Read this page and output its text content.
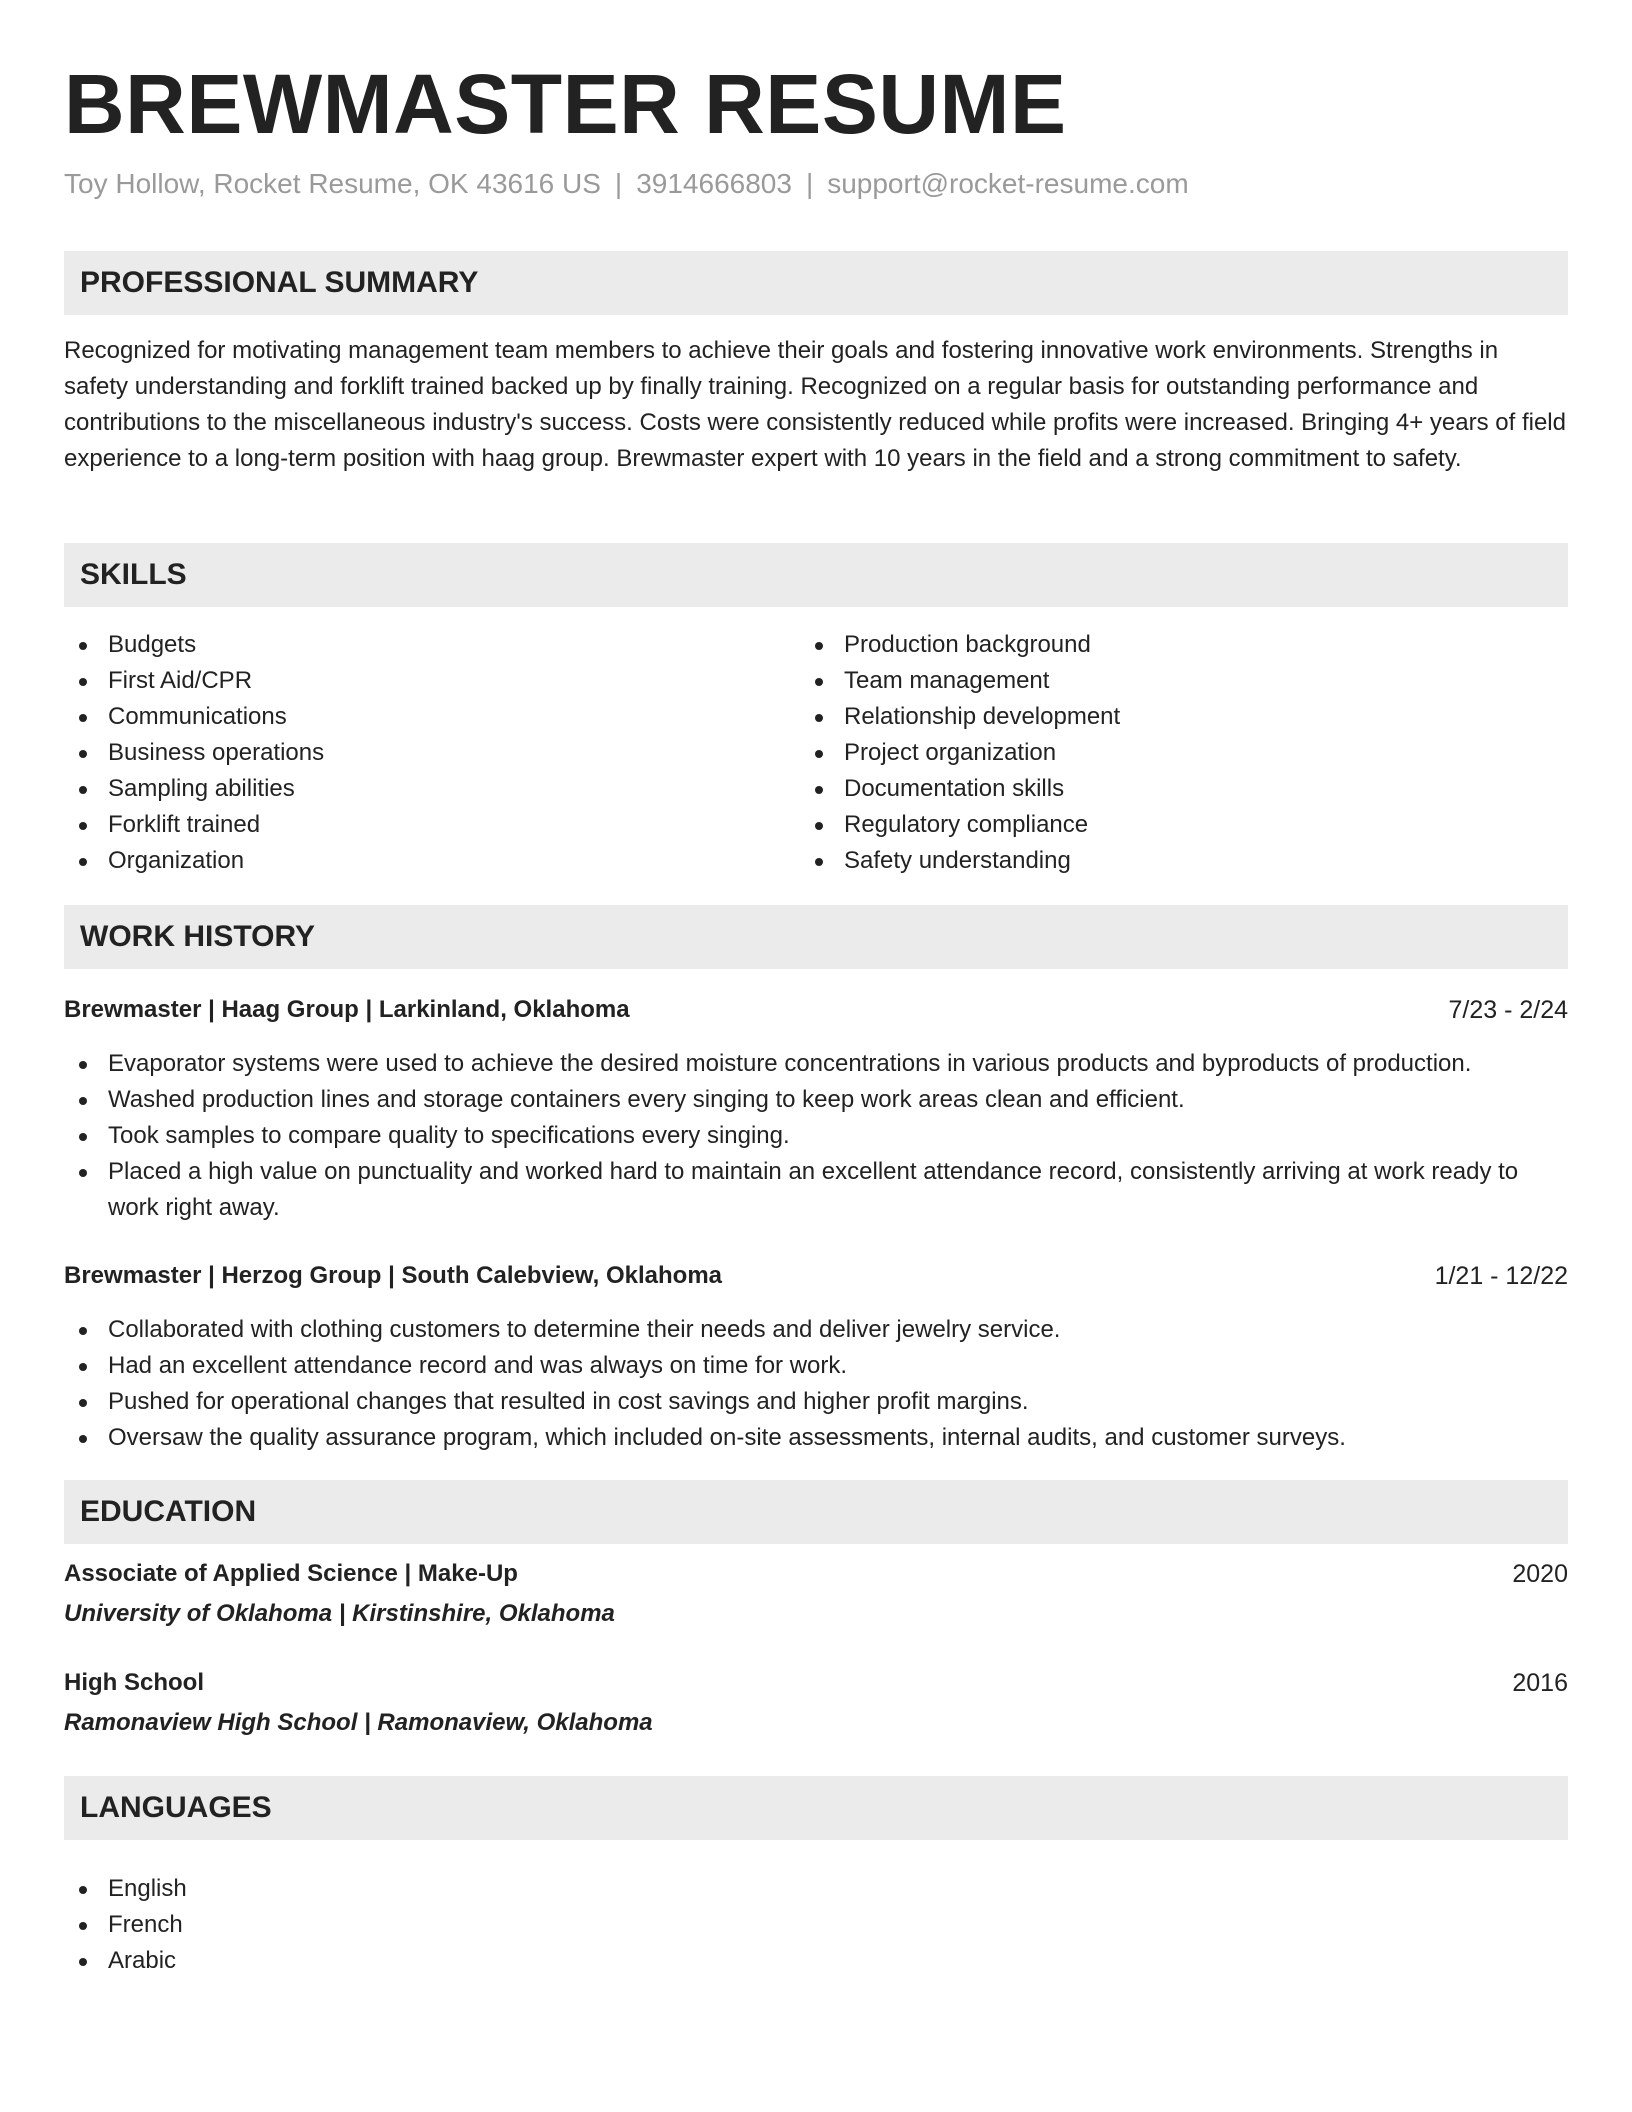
BREWMASTER RESUME
Toy Hollow, Rocket Resume, OK 43616 US | 3914666803 | support@rocket-resume.com
PROFESSIONAL SUMMARY

Recognized for motivating management team members to achieve their goals and fostering innovative work environments. Strengths in safety understanding and forklift trained backed up by finally training. Recognized on a regular basis for outstanding performance and contributions to the miscellaneous industry's success. Costs were consistently reduced while profits were increased. Bringing 4+ years of field experience to a long-term position with haag group. Brewmaster expert with 10 years in the field and a strong commitment to safety.

SKILLS
Budgets
First Aid/CPR
Communications
Business operations
Sampling abilities
Forklift trained
Organization
Production background
Team management
Relationship development
Project organization
Documentation skills
Regulatory compliance
Safety understanding
WORK HISTORY
Brewmaster | Haag Group | Larkinland, Oklahoma	7/23 - 2/24
Evaporator systems were used to achieve the desired moisture concentrations in various products and byproducts of production.
Washed production lines and storage containers every singing to keep work areas clean and efficient.
Took samples to compare quality to specifications every singing.
Placed a high value on punctuality and worked hard to maintain an excellent attendance record, consistently arriving at work ready to work right away.
Brewmaster | Herzog Group | South Calebview, Oklahoma	1/21 - 12/22
Collaborated with clothing customers to determine their needs and deliver jewelry service.
Had an excellent attendance record and was always on time for work.
Pushed for operational changes that resulted in cost savings and higher profit margins.
Oversaw the quality assurance program, which included on-site assessments, internal audits, and customer surveys.
EDUCATION
Associate of Applied Science | Make-Up	2020
University of Oklahoma | Kirstinshire, Oklahoma
High School	2016
Ramonaview High School | Ramonaview, Oklahoma
LANGUAGES
English
French
Arabic
